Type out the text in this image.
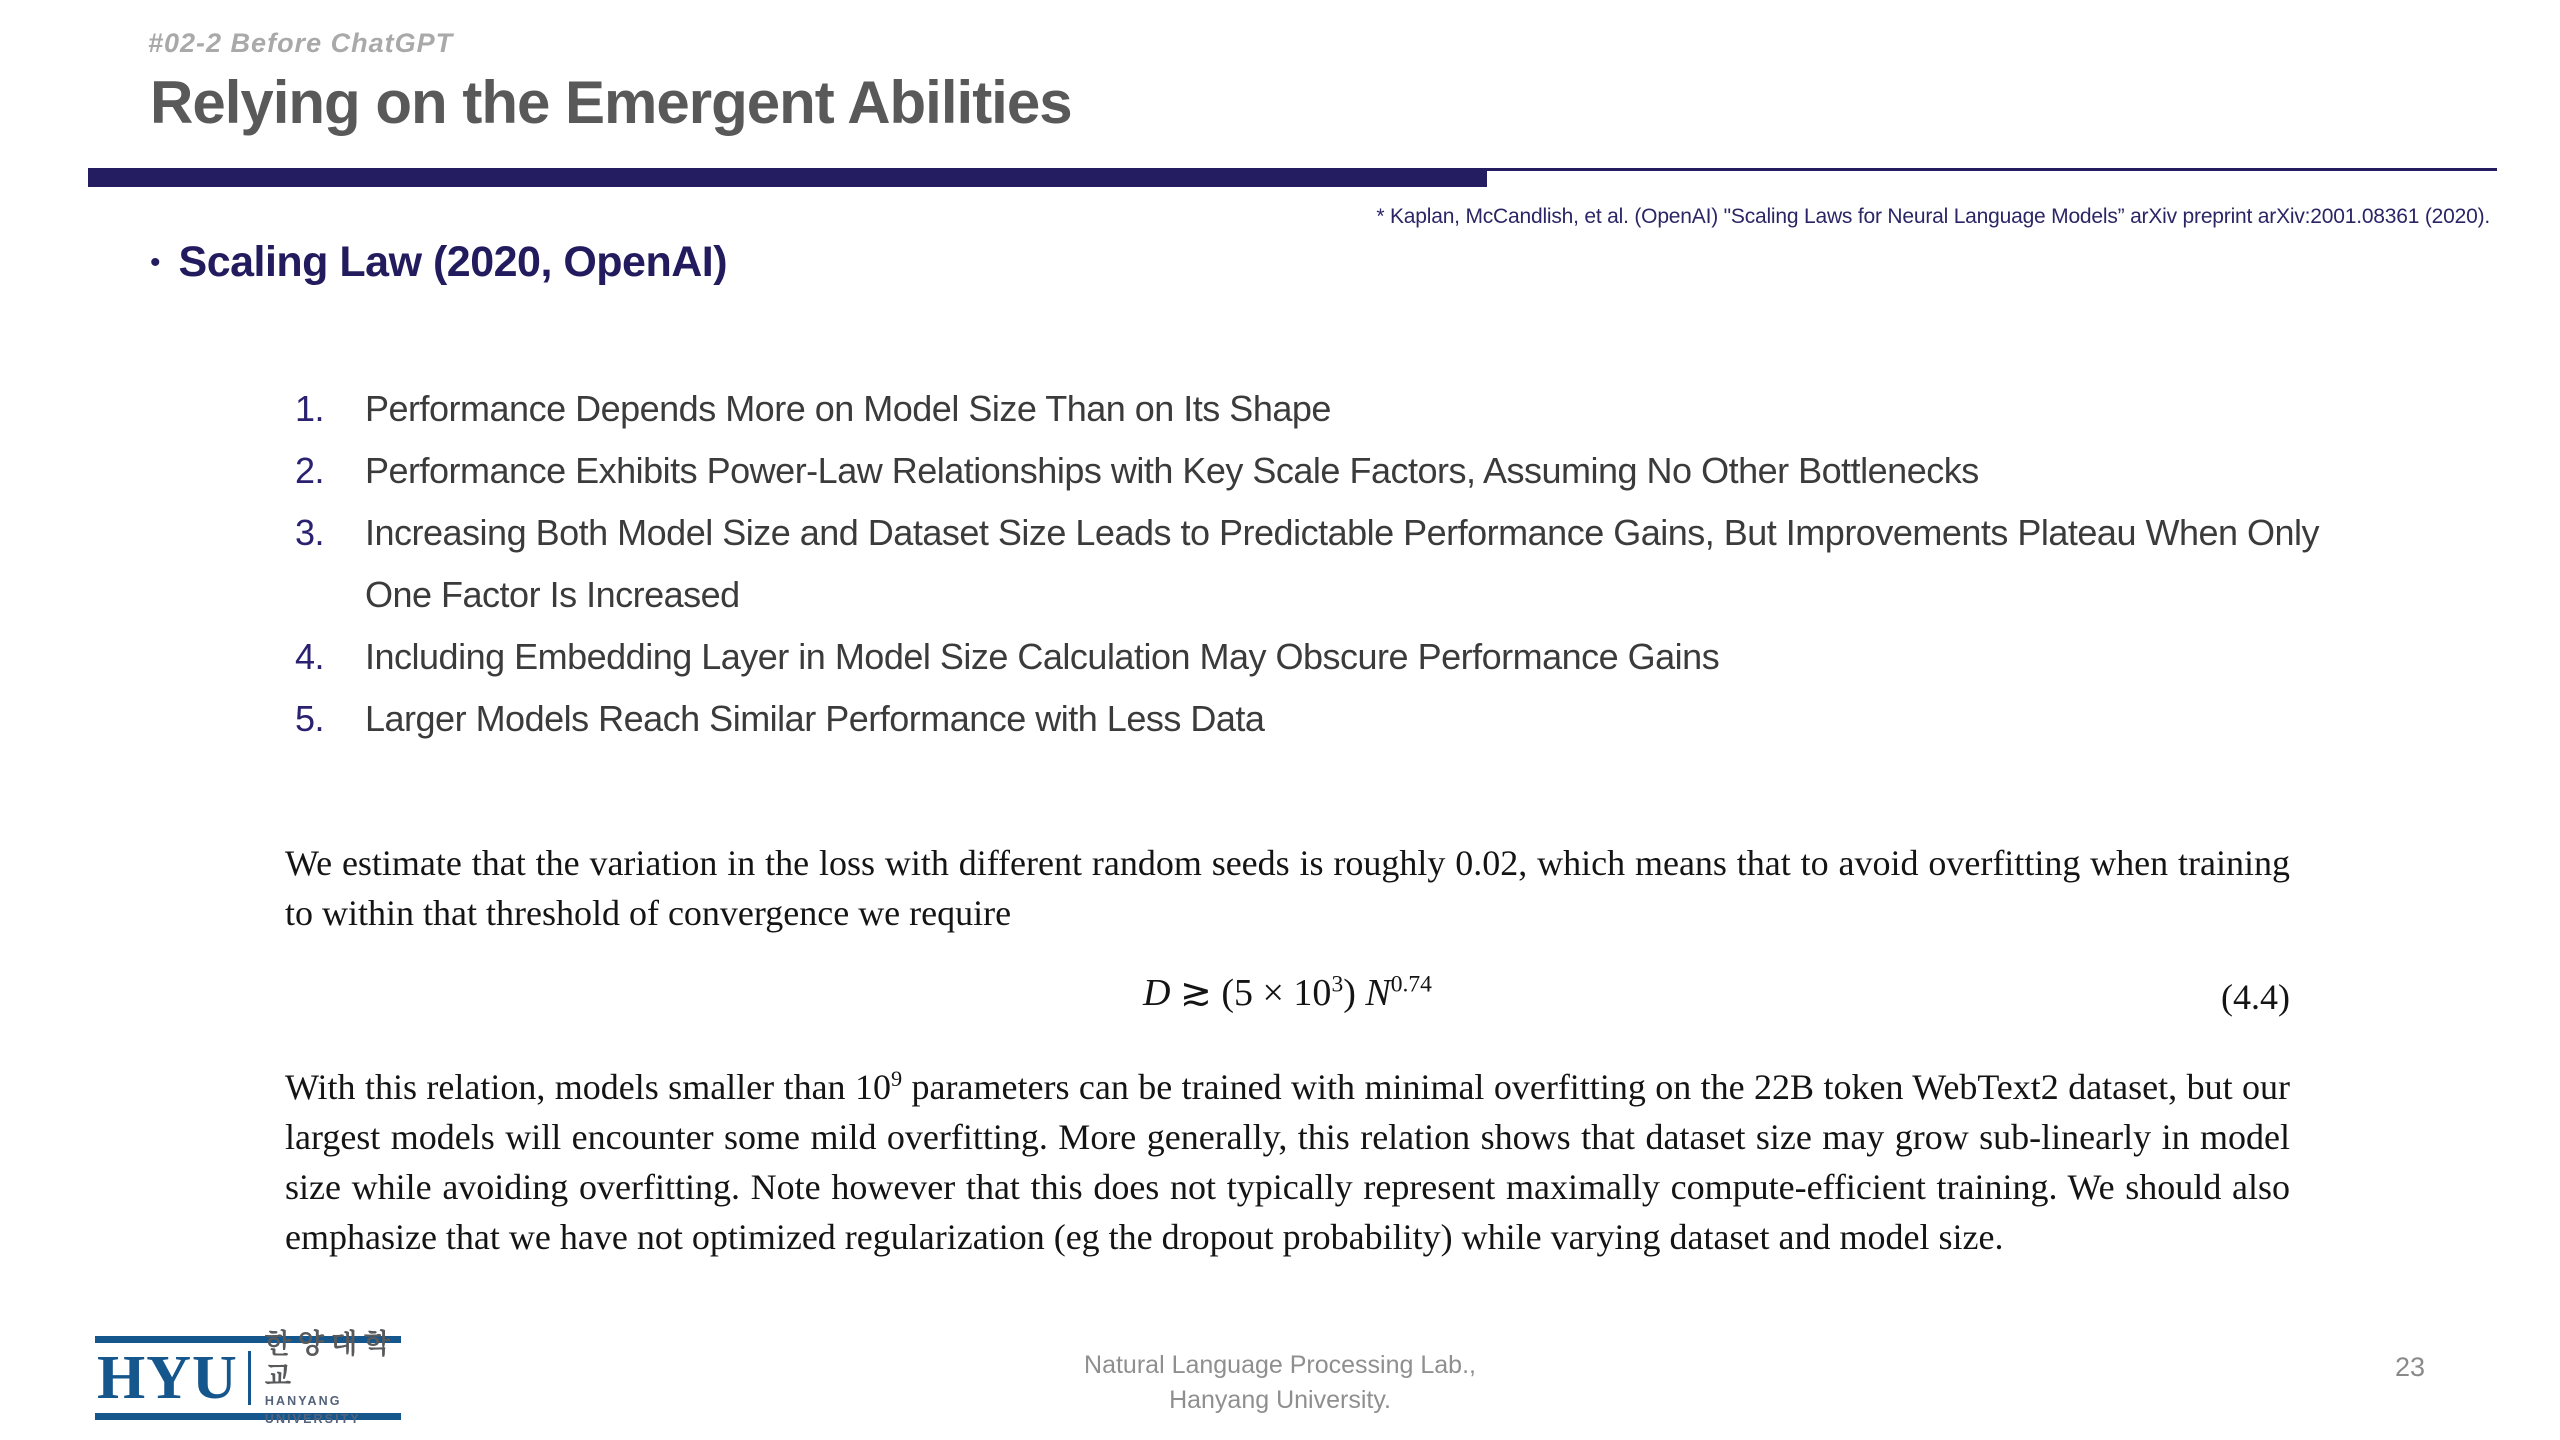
#02-2 Before ChatGPT
Relying on the Emergent Abilities
* Kaplan, McCandlish, et al. (OpenAI) "Scaling Laws for Neural Language Models” arXiv preprint arXiv:2001.08361 (2020).
• Scaling Law (2020, OpenAI)
1.	Performance Depends More on Model Size Than on Its Shape
2.	Performance Exhibits Power-Law Relationships with Key Scale Factors, Assuming No Other Bottlenecks
3.	Increasing Both Model Size and Dataset Size Leads to Predictable Performance Gains, But Improvements Plateau When Only One Factor Is Increased
4.	Including Embedding Layer in Model Size Calculation May Obscure Performance Gains
5.	Larger Models Reach Similar Performance with Less Data

We estimate that the variation in the loss with different random seeds is roughly 0.02, which means that to avoid overfitting when training to within that threshold of convergence we require

D ≳ $(5 \times 10^3)$ $N^{0.74}$	(4.4)

With this relation, models smaller than $10^9$ parameters can be trained with minimal overfitting on the 22B token WebText2 dataset, but our largest models will encounter some mild overfitting. More generally, this relation shows that dataset size may grow sub-linearly in model size while avoiding overfitting. Note however that this does not typically represent maximally compute-efficient training. We should also emphasize that we have not optimized regularization (eg the dropout probability) while varying dataset and model size.

HYU 한양대학교
HANYANG UNIVERSITY
Natural Language Processing Lab.,
Hanyang University.
23
